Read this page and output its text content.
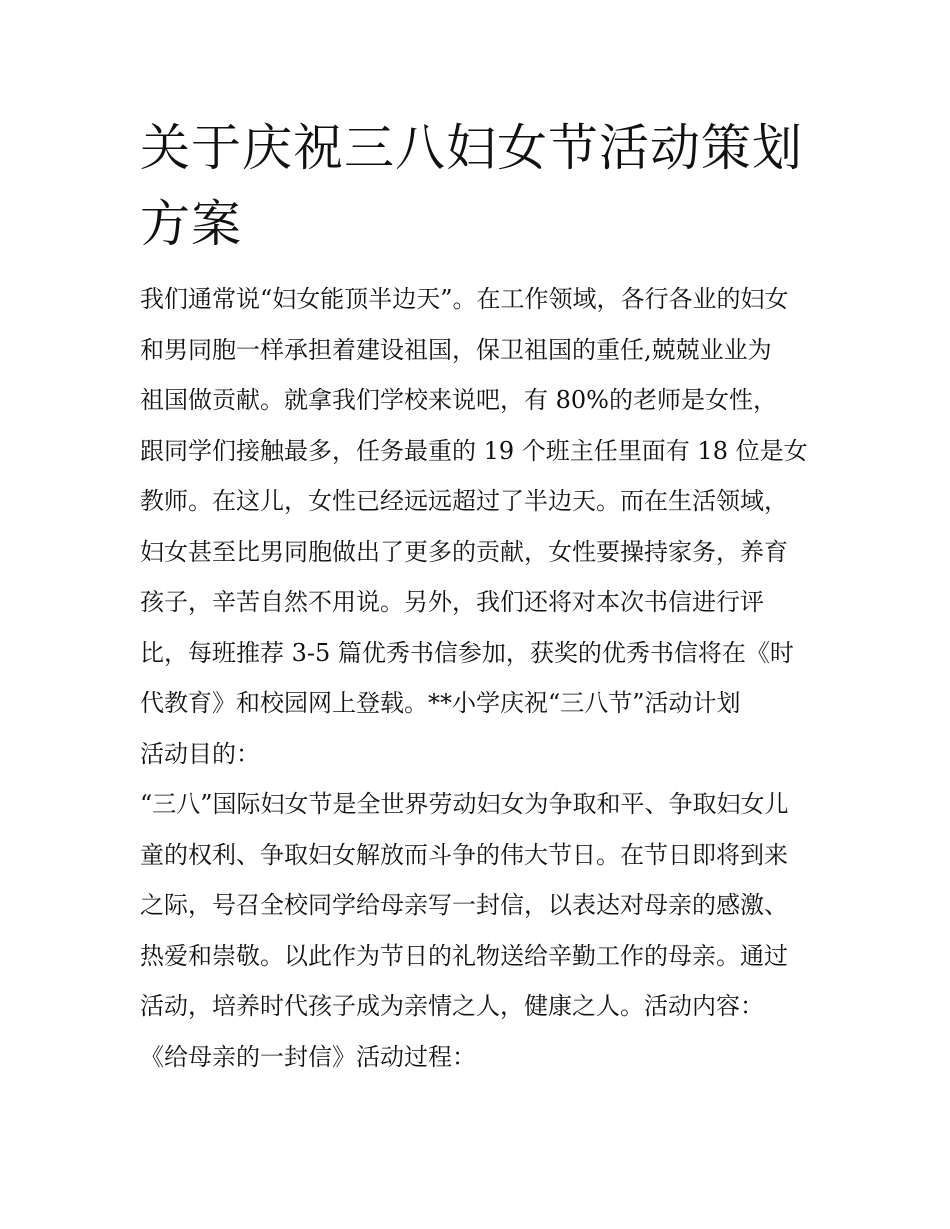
关于庆祝三八妇女节活动策划
方案

我们通常说“妇女能顶半边天”。在工作领域，各行各业的妇女
和男同胞一样承担着建设祖国，保卫祖国的重任,兢兢业业为
祖国做贡献。就拿我们学校来说吧，有 80%的老师是女性，
跟同学们接触最多，任务最重的 19 个班主任里面有 18 位是女
教师。在这儿，女性已经远远超过了半边天。而在生活领域，
妇女甚至比男同胞做出了更多的贡献，女性要操持家务，养育
孩子，辛苦自然不用说。另外，我们还将对本次书信进行评
比，每班推荐 3-5 篇优秀书信参加，获奖的优秀书信将在《时
代教育》和校园网上登载。**小学庆祝“三八节”活动计划
活动目的：

“三八”国际妇女节是全世界劳动妇女为争取和平、争取妇女儿
童的权利、争取妇女解放而斗争的伟大节日。在节日即将到来
之际，号召全校同学给母亲写一封信，以表达对母亲的感激、
热爱和崇敬。以此作为节日的礼物送给辛勤工作的母亲。通过
活动，培养时代孩子成为亲情之人，健康之人。活动内容：
《给母亲的一封信》活动过程：
